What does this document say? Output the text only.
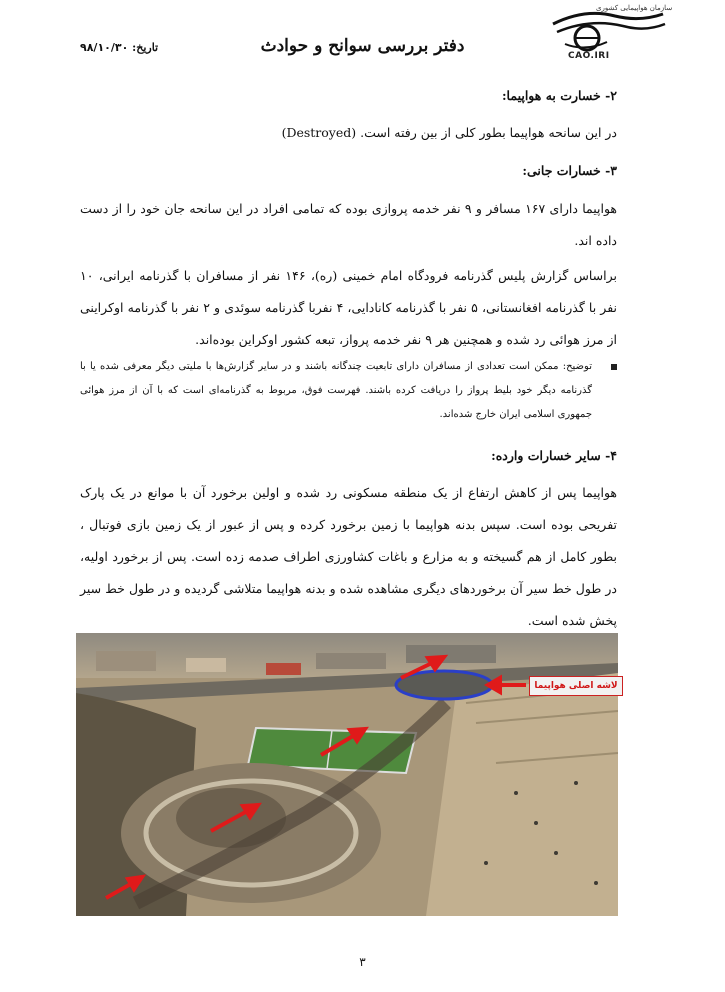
سازمان هواپیمایی کشوری
CAO.IRI
دفتر بررسی سوانح و حوادث
تاریخ: ۹۸/۱۰/۳۰
۲- خسارت به هواپیما:
در این سانحه هواپیما بطور کلی از بین رفته است. (Destroyed)
۳- خسارات جانی:
هواپیما دارای ۱۶۷ مسافر و ۹ نفر خدمه پروازی بوده که تمامی افراد در این سانحه جان خود را از دست داده اند.
براساس گزارش پلیس گذرنامه فرودگاه امام خمینی (ره)، ۱۴۶ نفر از مسافران با گذرنامه ایرانی، ۱۰ نفر با گذرنامه افغانستانی، ۵ نفر با گذرنامه کانادایی، ۴ نفربا گذرنامه سوئدی و ۲ نفر با گذرنامه اوکراینی از مرز هوائی رد شده و همچنین هر ۹ نفر خدمه پرواز، تبعه کشور اوکراین بوده‌اند.
توضیح: ممکن است تعدادی از مسافران دارای تابعیت چندگانه باشند و در سایر گزارش‌ها با ملیتی دیگر معرفی شده یا با گذرنامه دیگر خود بلیط پرواز را دریافت کرده باشند. فهرست فوق، مربوط به گذرنامه‌ای است که با آن از مرز هوائی جمهوری اسلامی ایران خارج شده‌اند.
۴- سایر خسارات وارده:
هواپیما پس از کاهش ارتفاع از یک منطقه مسکونی رد شده و اولین برخورد آن با موانع در یک پارک تفریحی بوده است. سپس بدنه هواپیما با زمین برخورد کرده و پس از عبور از یک زمین بازی فوتبال ، بطور کامل از هم گسیخته و به مزارع و باغات کشاورزی اطراف صدمه زده است. پس از برخورد اولیه، در طول خط سیر آن برخوردهای دیگری مشاهده شده و بدنه هواپیما متلاشی گردیده و در طول خط سیر پخش شده است.
لاشه اصلی هواپیما
۳
